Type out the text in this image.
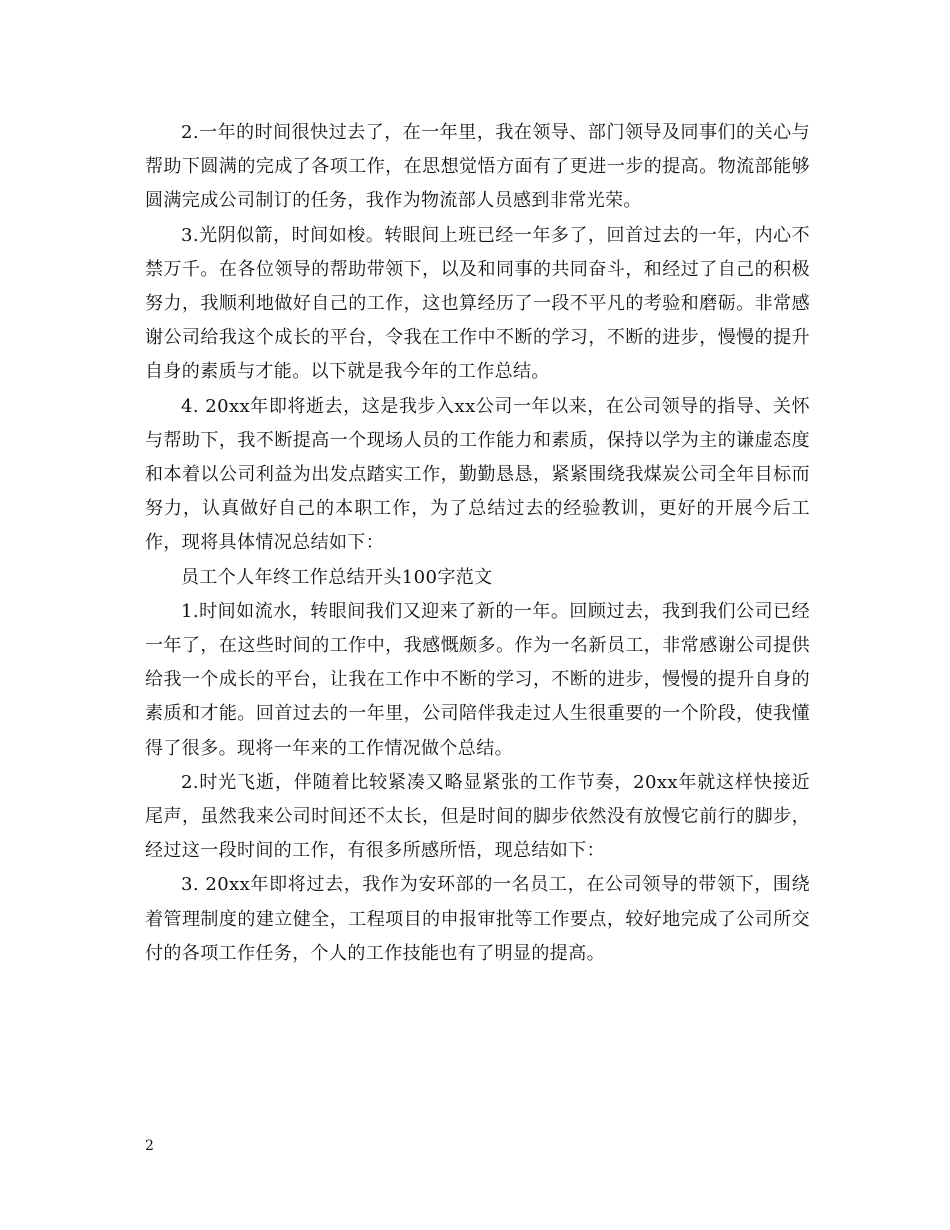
2.一年的时间很快过去了，在一年里，我在领导、部门领导及同事们的关心与帮助下圆满的完成了各项工作，在思想觉悟方面有了更进一步的提高。物流部能够圆满完成公司制订的任务，我作为物流部人员感到非常光荣。

3.光阴似箭，时间如梭。转眼间上班已经一年多了，回首过去的一年，内心不禁万千。在各位领导的帮助带领下，以及和同事的共同奋斗，和经过了自己的积极努力，我顺利地做好自己的工作，这也算经历了一段不平凡的考验和磨砺。非常感谢公司给我这个成长的平台，令我在工作中不断的学习，不断的进步，慢慢的提升自身的素质与才能。以下就是我今年的工作总结。

4. 20xx年即将逝去，这是我步入xx公司一年以来，在公司领导的指导、关怀与帮助下，我不断提高一个现场人员的工作能力和素质，保持以学为主的谦虚态度和本着以公司利益为出发点踏实工作，勤勤恳恳，紧紧围绕我煤炭公司全年目标而努力，认真做好自己的本职工作，为了总结过去的经验教训，更好的开展今后工作，现将具体情况总结如下：

员工个人年终工作总结开头100字范文

1.时间如流水，转眼间我们又迎来了新的一年。回顾过去，我到我们公司已经一年了，在这些时间的工作中，我感慨颇多。作为一名新员工，非常感谢公司提供给我一个成长的平台，让我在工作中不断的学习，不断的进步，慢慢的提升自身的素质和才能。回首过去的一年里，公司陪伴我走过人生很重要的一个阶段，使我懂得了很多。现将一年来的工作情况做个总结。

2.时光飞逝，伴随着比较紧凑又略显紧张的工作节奏，20xx年就这样快接近尾声，虽然我来公司时间还不太长，但是时间的脚步依然没有放慢它前行的脚步，经过这一段时间的工作，有很多所感所悟，现总结如下：

3. 20xx年即将过去，我作为安环部的一名员工，在公司领导的带领下，围绕着管理制度的建立健全，工程项目的申报审批等工作要点，较好地完成了公司所交付的各项工作任务，个人的工作技能也有了明显的提高。

2
